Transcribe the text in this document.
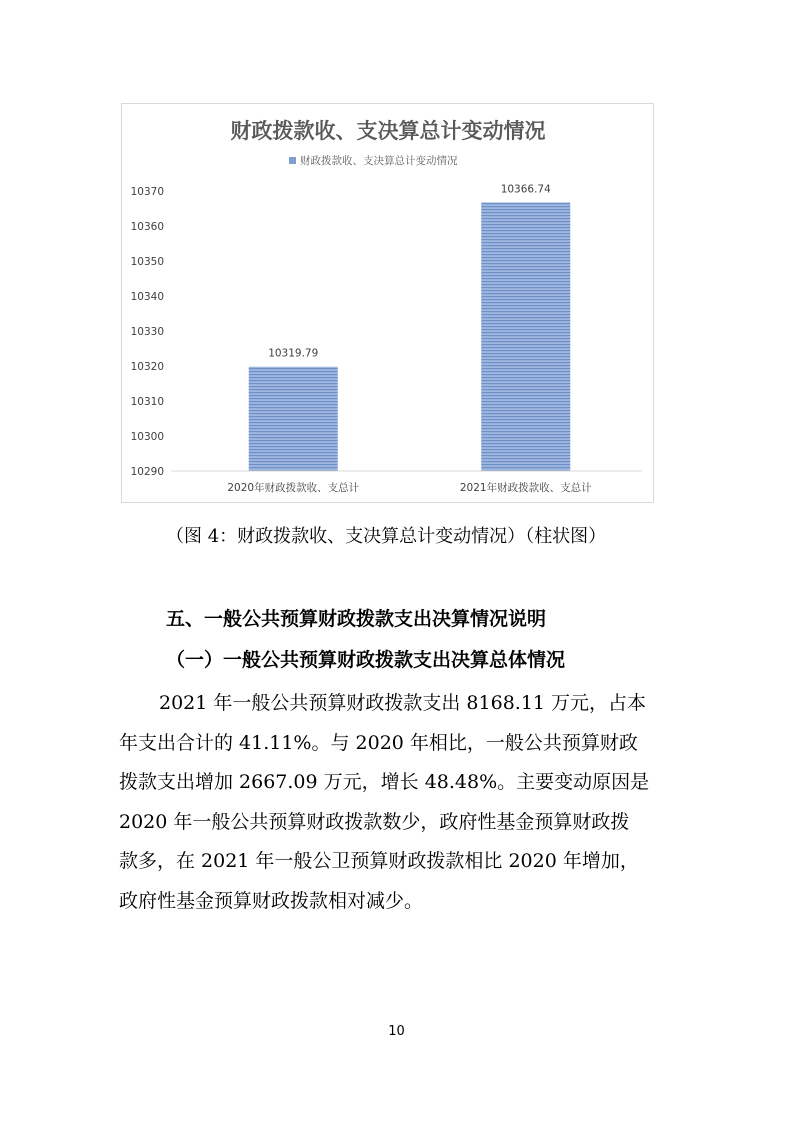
财政拨款收、支决算总计变动情况
财政拨款收、支决算总计变动情况
10290
10300
10310
10320
10330
10340
10350
10360
10370
10319.79
2020年财政拨款收、支总计
10366.74
2021年财政拨款收、支总计
（图 4：财政拨款收、支决算总计变动情况）（柱状图）
五、一般公共预算财政拨款支出决算情况说明
（一）一般公共预算财政拨款支出决算总体情况
2021 年一般公共预算财政拨款支出 8168.11 万元，占本
年支出合计的 41.11%。与 2020 年相比，一般公共预算财政
拨款支出增加 2667.09 万元，增长 48.48%。主要变动原因是
2020 年一般公共预算财政拨款数少，政府性基金预算财政拨
款多，在 2021 年一般公卫预算财政拨款相比 2020 年增加，
政府性基金预算财政拨款相对减少。
10
